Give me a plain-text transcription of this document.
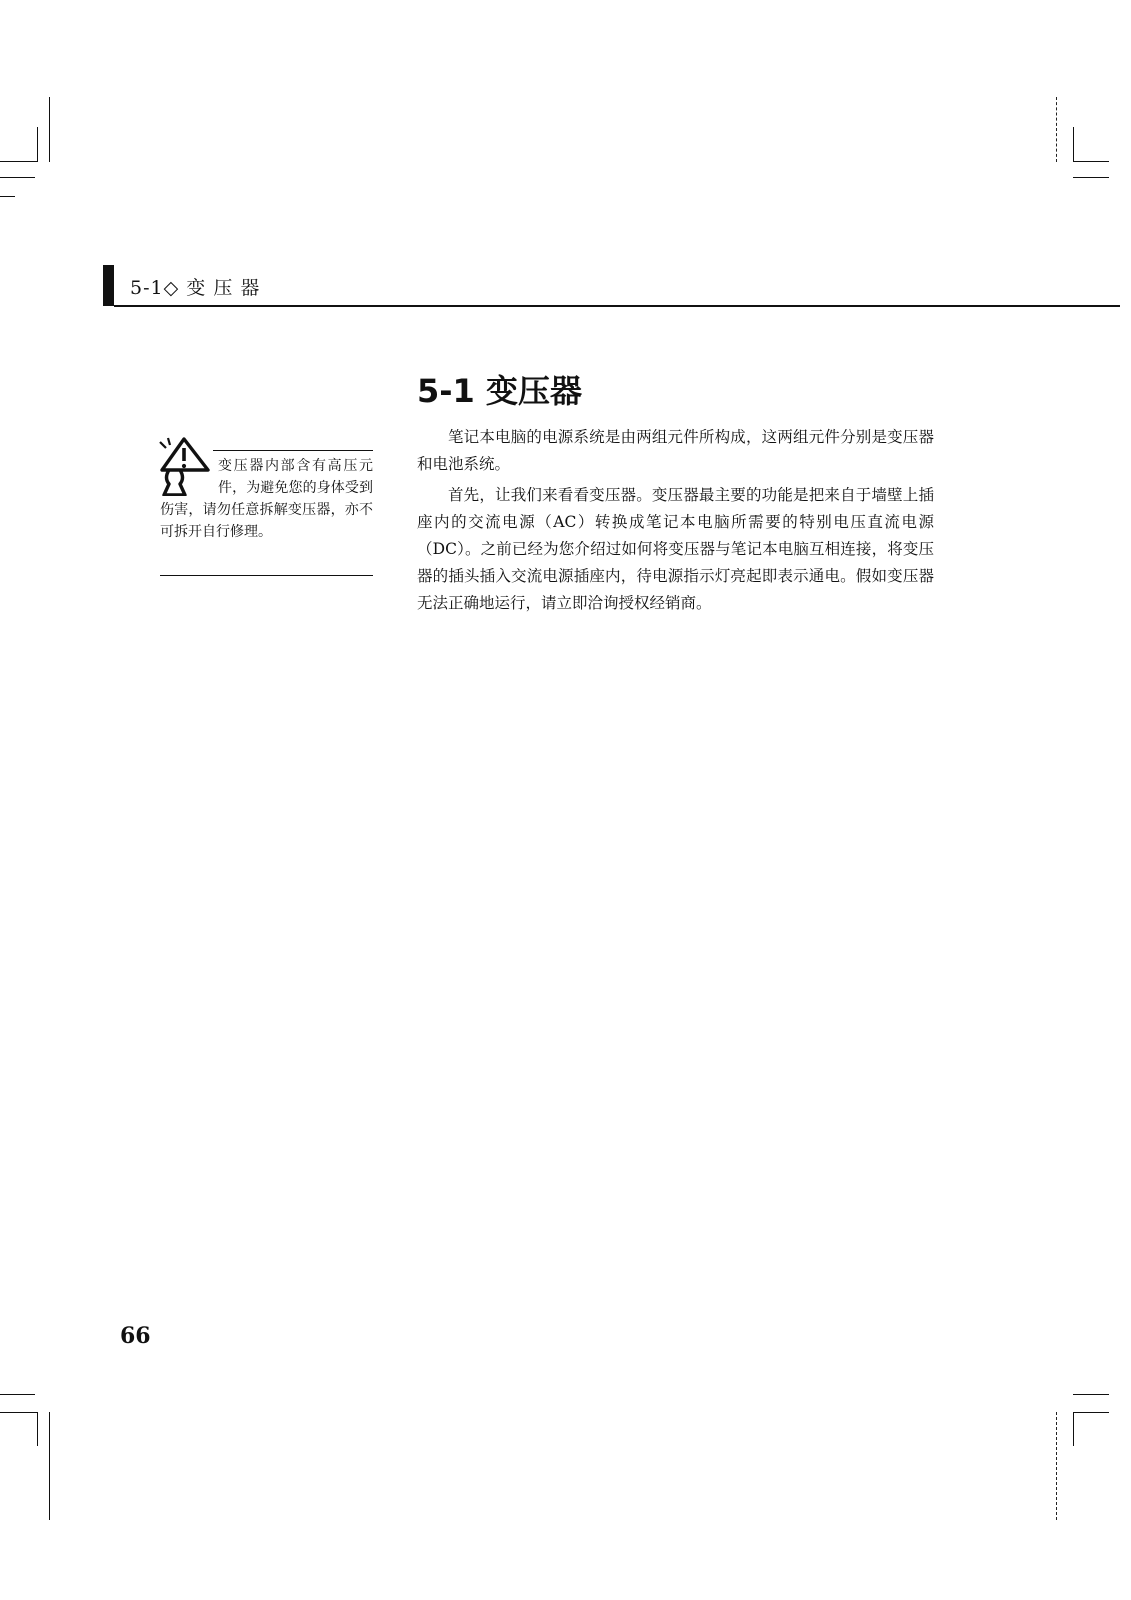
5-1◇ 变 压 器
5-1 变压器
变压器内部含有高压元件，为避免您的身体受到伤害，请勿任意拆解变压器，亦不可拆开自行修理。

笔记本电脑的电源系统是由两组元件所构成，这两组元件分别是变压器和电池系统。

首先，让我们来看看变压器。变压器最主要的功能是把来自于墙壁上插座内的交流电源（AC）转换成笔记本电脑所需要的特别电压直流电源（DC）。之前已经为您介绍过如何将变压器与笔记本电脑互相连接，将变压器的插头插入交流电源插座内，待电源指示灯亮起即表示通电。假如变压器无法正确地运行，请立即洽询授权经销商。

66
